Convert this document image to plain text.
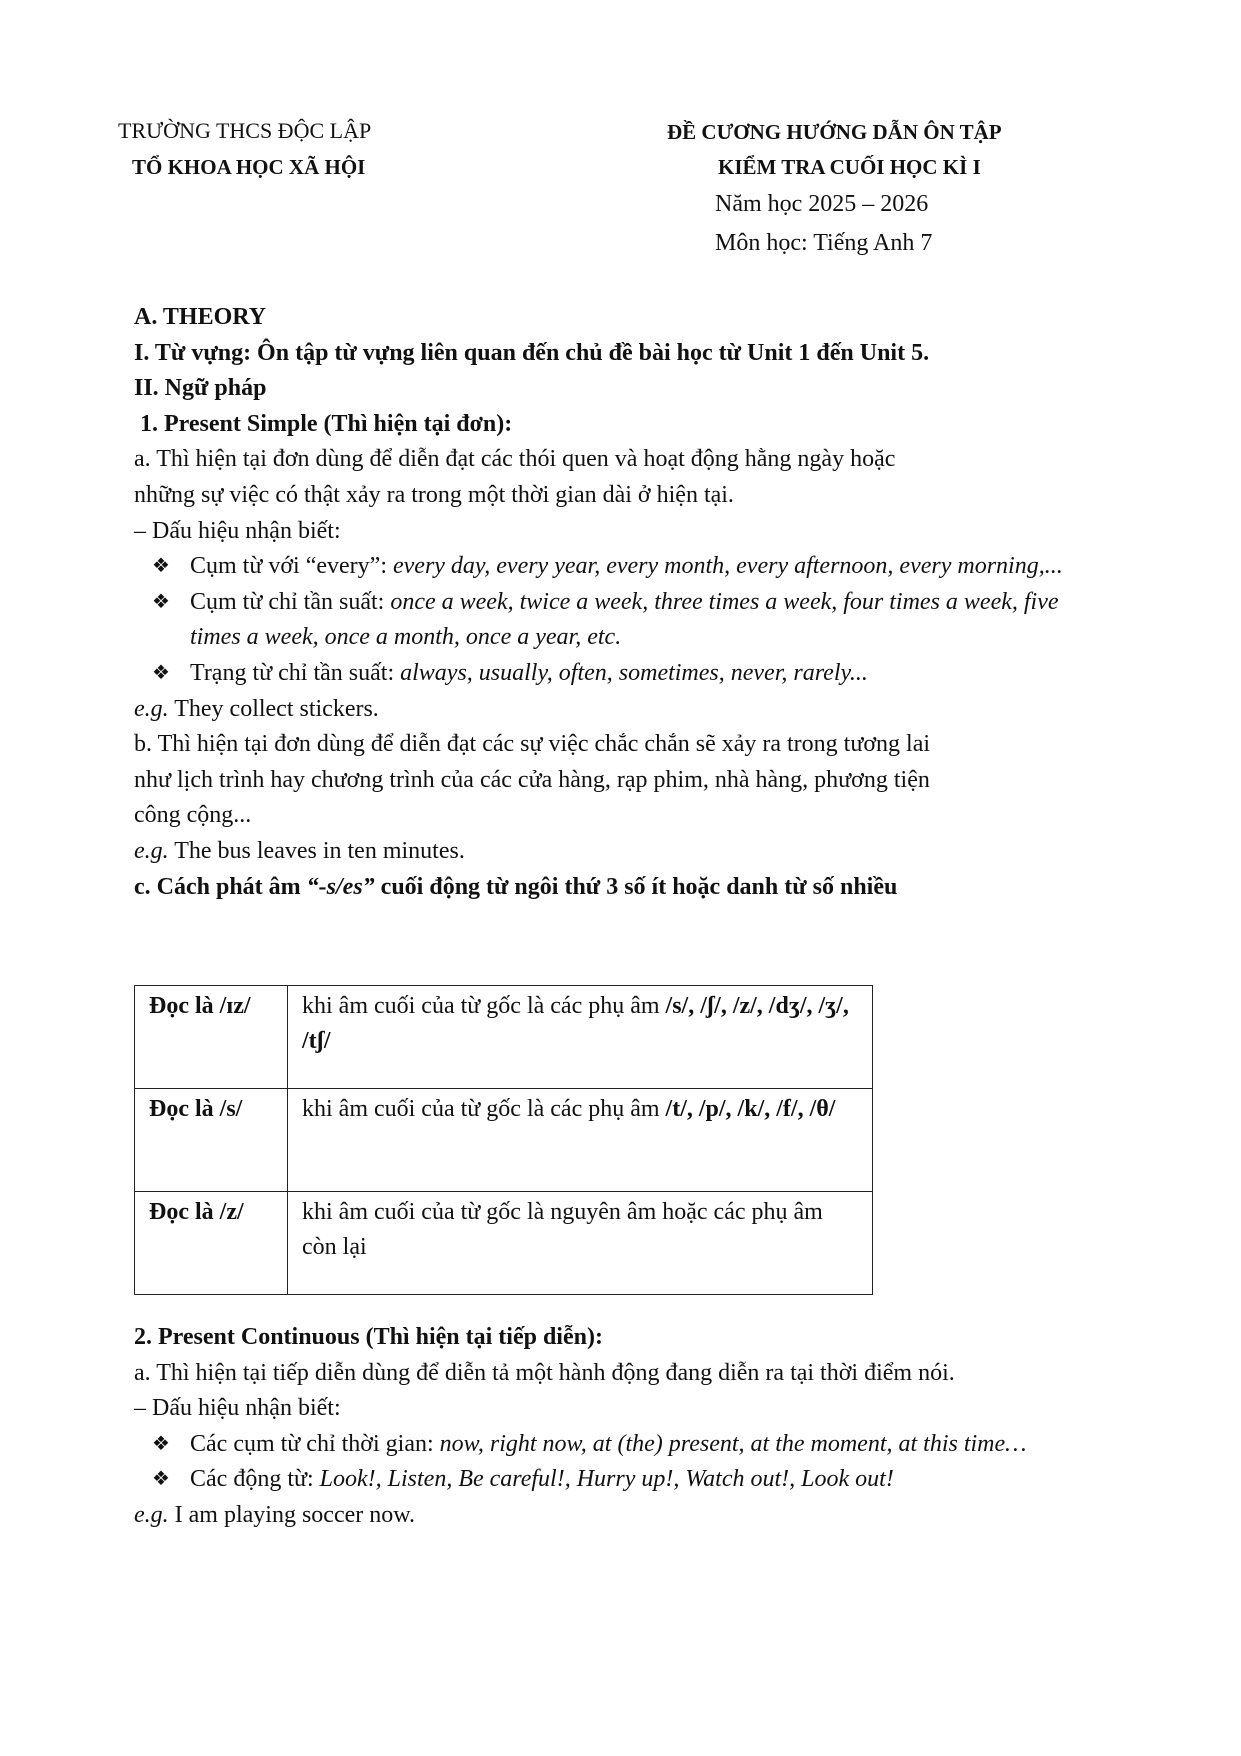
TRƯỜNG THCS ĐỘC LẬP
TỔ KHOA HỌC XÃ HỘI
ĐỀ CƯƠNG HƯỚNG DẪN ÔN TẬP
KIỂM TRA CUỐI HỌC KÌ I
Năm học 2025 – 2026
Môn học: Tiếng Anh 7
A. THEORY
I. Từ vựng: Ôn tập từ vựng liên quan đến chủ đề bài học từ Unit 1 đến Unit 5.
II. Ngữ pháp
1. Present Simple (Thì hiện tại đơn):
a. Thì hiện tại đơn dùng để diễn đạt các thói quen và hoạt động hằng ngày hoặc
những sự việc có thật xảy ra trong một thời gian dài ở hiện tại.
– Dấu hiệu nhận biết:
❖ Cụm từ với “every”: every day, every year, every month, every afternoon, every morning,...
❖ Cụm từ chỉ tần suất: once a week, twice a week, three times a week, four times a week, five times a week, once a month, once a year, etc.
❖ Trạng từ chỉ tần suất: always, usually, often, sometimes, never, rarely...
e.g. They collect stickers.
b. Thì hiện tại đơn dùng để diễn đạt các sự việc chắc chắn sẽ xảy ra trong tương lai
như lịch trình hay chương trình của các cửa hàng, rạp phim, nhà hàng, phương tiện
công cộng...
e.g. The bus leaves in ten minutes.
c. Cách phát âm “-s/es” cuối động từ ngôi thứ 3 số ít hoặc danh từ số nhiều
Đọc là /ɪz/	khi âm cuối của từ gốc là các phụ âm /s/, /ʃ/, /z/, /dʒ/, /ʒ/, /tʃ/
Đọc là /s/	khi âm cuối của từ gốc là các phụ âm /t/, /p/, /k/, /f/, /θ/
Đọc là /z/	khi âm cuối của từ gốc là nguyên âm hoặc các phụ âm còn lại
2. Present Continuous (Thì hiện tại tiếp diễn):
a. Thì hiện tại tiếp diễn dùng để diễn tả một hành động đang diễn ra tại thời điểm nói.
– Dấu hiệu nhận biết:
❖ Các cụm từ chỉ thời gian: now, right now, at (the) present, at the moment, at this time…
❖ Các động từ: Look!, Listen, Be careful!, Hurry up!, Watch out!, Look out!
e.g. I am playing soccer now.
